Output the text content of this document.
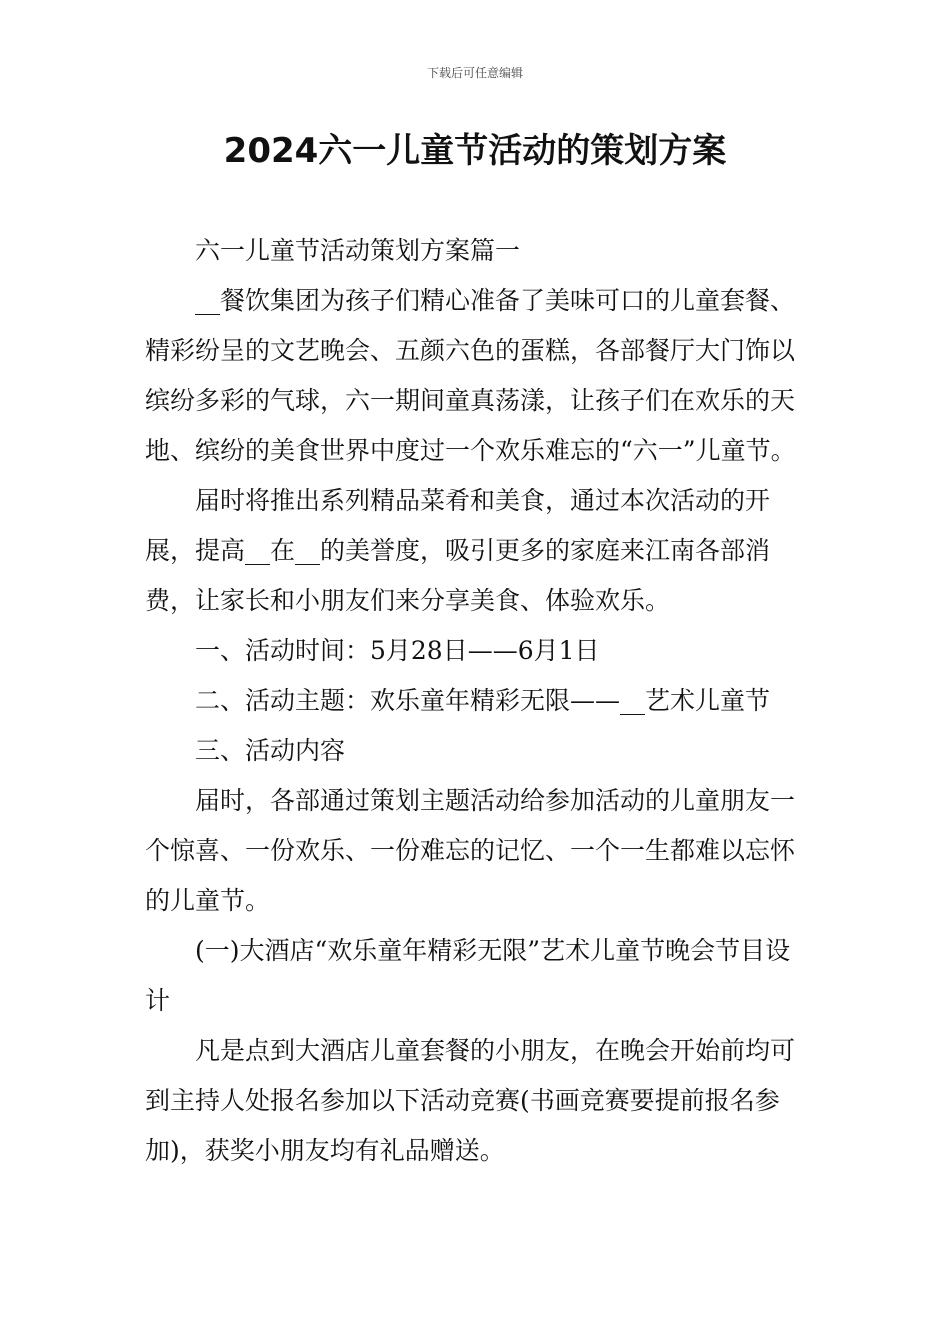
下载后可任意编辑
2024六一儿童节活动的策划方案

六一儿童节活动策划方案篇一

__餐饮集团为孩子们精心准备了美味可口的儿童套餐、精彩纷呈的文艺晚会、五颜六色的蛋糕，各部餐厅大门饰以缤纷多彩的气球，六一期间童真荡漾，让孩子们在欢乐的天地、缤纷的美食世界中度过一个欢乐难忘的“六一”儿童节。

届时将推出系列精品菜肴和美食，通过本次活动的开展，提高__在__的美誉度，吸引更多的家庭来江南各部消费，让家长和小朋友们来分享美食、体验欢乐。

一、活动时间：5月28日——6月1日

二、活动主题：欢乐童年精彩无限——__艺术儿童节

三、活动内容

届时，各部通过策划主题活动给参加活动的儿童朋友一个惊喜、一份欢乐、一份难忘的记忆、一个一生都难以忘怀的儿童节。

(一)大酒店“欢乐童年精彩无限”艺术儿童节晚会节目设计

凡是点到大酒店儿童套餐的小朋友，在晚会开始前均可到主持人处报名参加以下活动竞赛(书画竞赛要提前报名参加)，获奖小朋友均有礼品赠送。
